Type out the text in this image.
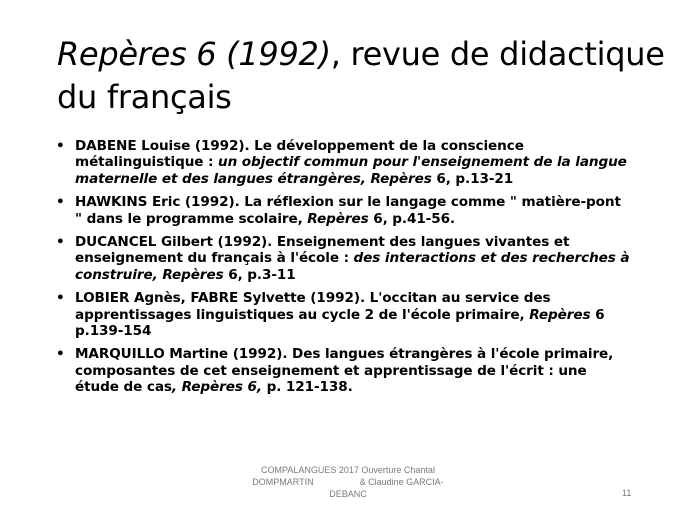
Repères 6 (1992), revue de didactique du français
• DABENE Louise (1992). Le développement de la conscience métalinguistique : un objectif commun pour l'enseignement de la langue maternelle et des langues étrangères, Repères 6, p.13-21
• HAWKINS Eric (1992). La réflexion sur le langage comme " matière-pont " dans le programme scolaire, Repères 6, p.41-56.
• DUCANCEL Gilbert (1992). Enseignement des langues vivantes et enseignement du français à l'école : des interactions et des recherches à construire, Repères 6, p.3-11
• LOBIER Agnès, FABRE Sylvette (1992). L'occitan au service des apprentissages linguistiques au cycle 2 de l'école primaire, Repères 6 p.139-154
• MARQUILLO Martine (1992). Des langues étrangères à l'école primaire, composantes de cet enseignement et apprentissage de l'écrit : une étude de cas, Repères 6, p. 121-138.
COMPALANGUES 2017 Ouverture Chantal
DOMPMARTIN	& Claudine GARCIA-
DEBANC	11
